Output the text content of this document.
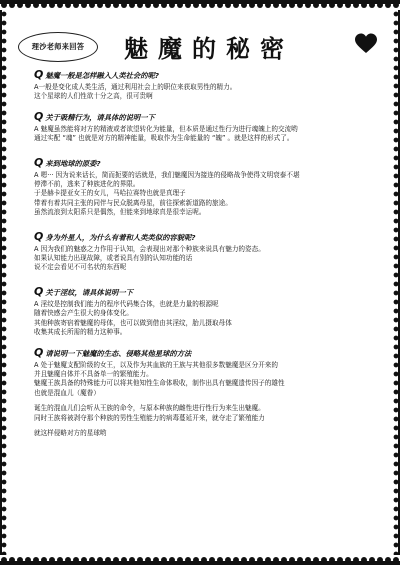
理沙老师来回答 魅魔的秘密
Q魅魔一般是怎样融入人类社会的呢?

A一般是变化成人类生活，通过利用社会上的职位来获取男性的精力。

这个星球的人们性欲十分之高，很可贵啊

Q关于吸精行为，请具体的说明一下

A 魅魔虽然能将对方的精液或者欲望转化为能量，但本质是通过性行为进行魂魄上的交流哟

通过实配 “魂” 也就是对方的精神能量，吸取作为生命能量的 “魄” 。就是这样的形式了。

Q来到地球的原委?

A 嗯··· 因为说来话长，简而扼要的话就是，我们魅魔因为接连的侵略战争使得文明衰泰不堪

停滞不前，逃来了种族进化的界限。

于是赫卡提亚女王的女儿，马哈拉赛特也就是真理子

带着有着共同主张的同伴与民众脱离母星，前往探索新道路的旅途。

虽然流浪到太阳系只是偶然，但能来到地球真是很幸运呢。

Q身为外星人，为什么有着和人类类似的容貌呢?

A 因为我们的魅惑之力作用于认知，会表现出对那个种族来说具有魅力的姿态。

如果认知能力出现故障，或者说具有别的认知功能的话

说不定会看见不可名状的东西呢

Q关于淫纹，请具体说明一下

A 淫纹是控制我们能力的程序代码集合体，也就是力量的根源呢

随着快感会产生很大的身体变化。

其他种族寄宿着魅魔的母体，也可以做到借由其淫纹，胎儿摄取母体

收集其成长所需的精力这种事。

Q请说明一下魅魔的生态、侵略其他星球的方法

A 处于魅魔支配阶级的女王，以及作为其血族的王族与其他很多数魅魔是区分开来的

并且魅魔自体并不具备单一的繁殖能力。

魅魔王族具备的特殊能力可以将其他知性生命体吸收，制作出具有魅魔遗传因子的雄性

也就是混血儿（魔眷）

诞生的混血儿们会听从王族的命令，与原本种族的雌性进行性行为来生出魅魔。

同时王族将被剥夺那个种族的男性生殖能力的病毒蔓延开来，就夺走了繁殖能力

就这样侵略对方的星球哟
